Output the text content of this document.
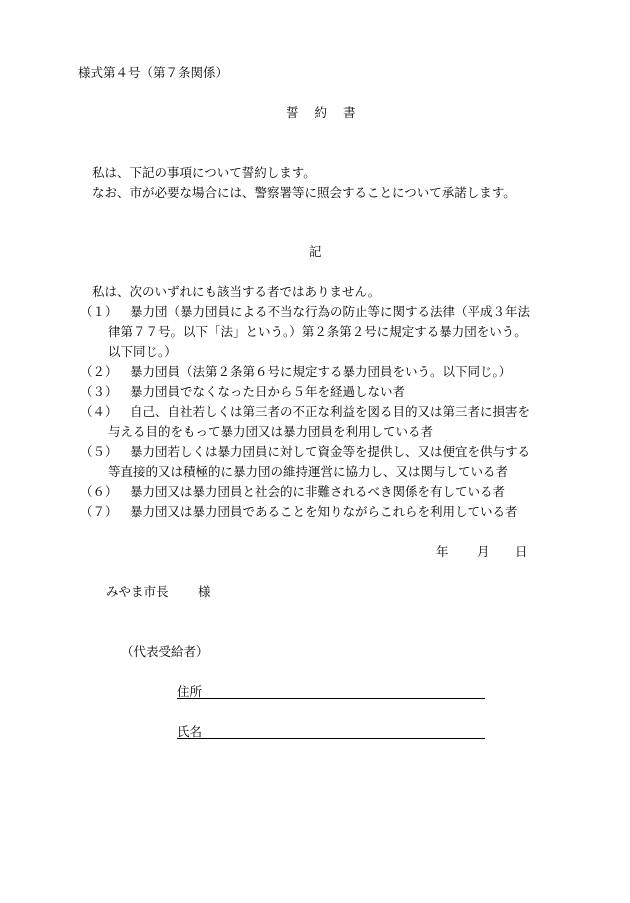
様式第４号（第７条関係）
誓 約 書
私は、下記の事項について誓約します。
なお、市が必要な場合には、警察署等に照会することについて承諾します。
記
私は、次のいずれにも該当する者ではありません。
（１） 暴力団（暴力団員による不当な行為の防止等に関する法律（平成３年法
律第７７号。以下「法」という。）第２条第２号に規定する暴力団をいう。
以下同じ。）
（２） 暴力団員（法第２条第６号に規定する暴力団員をいう。以下同じ。）
（３） 暴力団員でなくなった日から５年を経過しない者
（４） 自己、自社若しくは第三者の不正な利益を図る目的又は第三者に損害を
与える目的をもって暴力団又は暴力団員を利用している者
（５） 暴力団若しくは暴力団員に対して資金等を提供し、又は便宜を供与する
等直接的又は積極的に暴力団の維持運営に協力し、又は関与している者
（６） 暴力団又は暴力団員と社会的に非難されるべき関係を有している者
（７） 暴力団又は暴力団員であることを知りながらこれらを利用している者
年 月 日
みやま市長 様
（代表受給者）
住所
氏名
